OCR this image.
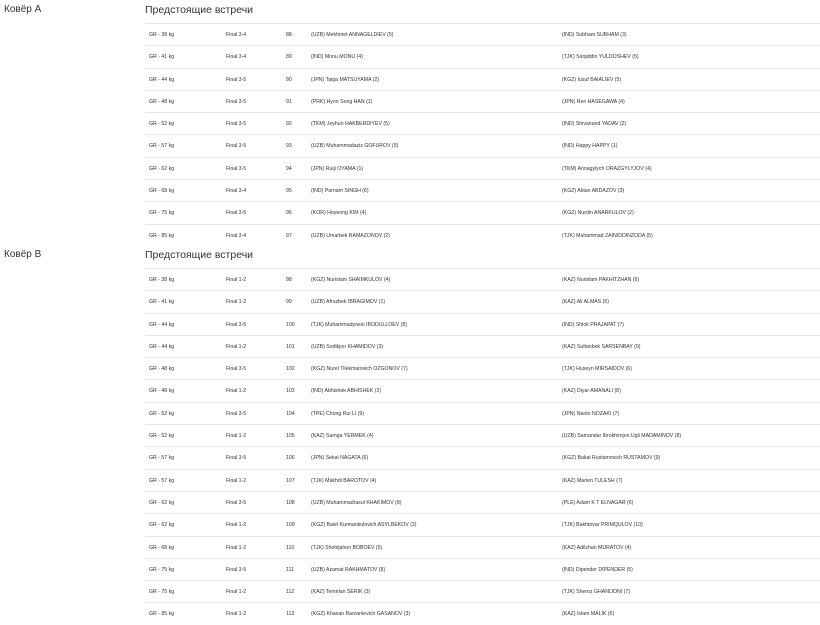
Ковёр A	Предстоящие встречи
GR - 38 kg	Final 3-4	88	(UZB) Mekhmet ANNAGELDIEV (5)	(IND) Subham SUBHAM (3)
GR - 41 kg	Final 3-4	89	(IND) Monu MONU (4)	(TJK) Sirojiddin YULDOSHEV (5)
GR - 44 kg	Final 3-5	90	(JPN) Taiga MATSUYAMA (2)	(KGZ) Iusuf BAIALIEV (5)
GR - 48 kg	Final 3-5	91	(PRK) Hyon Song HAN (1)	(JPN) Ren HASEGAWA (4)
GR - 52 kg	Final 3-5	92	(TKM) Jeyhun HAKBERDIYEV (5)	(IND) Shivanand YADAV (2)
GR - 57 kg	Final 3-5	93	(UZB) Muhammadaziz GOFUROV (5)	(IND) Happy HAPPY (1)
GR - 62 kg	Final 3-5	94	(JPN) Ruiji OYAMA (1)	(TKM) Annagylych ORAZGYLYJOV (4)
GR - 68 kg	Final 3-4	95	(IND) Parnam SINGH (6)	(KGZ) Aktan ABDAZOV (3)
GR - 75 kg	Final 3-5	96	(KOR) Hoyeong KIM (4)	(KGZ) Nurdin ANARKULOV (2)
GR - 85 kg	Final 3-4	97	(UZB) Umarbek RAMAZONOV (2)	(TJK) Muhammad ZAINIDDINZODA (5)
Ковёр B	Предстоящие встречи
GR - 38 kg	Final 1-2	98	(KGZ) Nurislam SHAIMKULOV (4)	(KAZ) Nurislam PAKHITZHAN (6)
GR - 41 kg	Final 1-2	99	(UZB) Afruzbek IBRAGIMOV (1)	(KAZ) Ali ALMAS (6)
GR - 44 kg	Final 3-5	100	(TJK) Muhammadyosin IBODULLOEV (8)	(IND) Shlok PRAJAPAT (7)
GR - 44 kg	Final 1-2	101	(UZB) Sodikjon KHAMIDOV (3)	(KAZ) Sultanbek SARSENBAY (9)
GR - 48 kg	Final 3-5	102	(KGZ) Nurel Tilekmatovich OZGONOV (7)	(TJK) Huseyn MIRSAIDOV (6)
GR - 48 kg	Final 1-2	103	(IND) Abhishek ABHISHEK (2)	(KAZ) Diyar AMANALI (8)
GR - 52 kg	Final 3-5	104	(TPE) Chong Rui LI (9)	(JPN) Naoto NOZAKI (7)
GR - 52 kg	Final 1-2	105	(KAZ) Samga YERMEK (4)	(UZB) Samandar Ibrokhimjon Ugli MADAMINOV (8)
GR - 57 kg	Final 3-5	106	(JPN) Sekai NAGATA (6)	(KGZ) Bakai Rustamovich RUSTAMOV (9)
GR - 57 kg	Final 1-2	107	(TJK) Makhdi BAROTOV (4)	(KAZ) Marlen TULESH (7)
GR - 62 kg	Final 3-5	108	(UZB) Muhammadrasul KHAKIMOV (8)	(PLE) Adam K T ELNAGAR (6)
GR - 62 kg	Final 1-2	109	(KGZ) Baiel Kurmankulovich ASYLBEKOV (2)	(TJK) Bakhtovar PRIMQULOV (10)
GR - 68 kg	Final 1-2	110	(TJK) Shohijahon BOBOEV (5)	(KAZ) Adilzhan MURATOV (4)
GR - 75 kg	Final 3-5	111	(UZB) Azamat RAKHMATOV (8)	(IND) Dipender DIPENDER (5)
GR - 75 kg	Final 1-2	112	(KAZ) Temirlan SERIK (3)	(TJK) Sheroz GHANIJONI (7)
GR - 85 kg	Final 1-2	113	(KGZ) Khasan Barzanievich GASANOV (3)	(KAZ) Islam MALIK (6)
